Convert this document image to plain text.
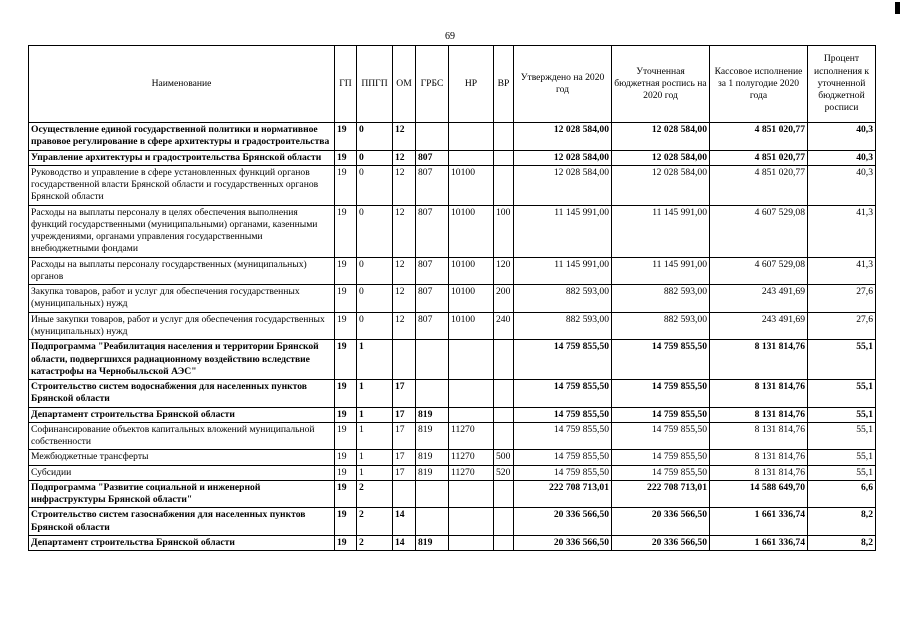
69
Наименование	ГП	ППГП	ОМ	ГРБС	НР	ВР	Утверждено на 2020 год	Уточненная бюджетная роспись на 2020 год	Кассовое исполнение за 1 полугодие 2020 года	Процент исполнения к уточненной бюджетной росписи
Осуществление единой государственной политики и нормативное правовое регулирование в сфере архитектуры и градостроительства	19	0	12				12 028 584,00	12 028 584,00	4 851 020,77	40,3
Управление архитектуры и градостроительства Брянской области	19	0	12	807			12 028 584,00	12 028 584,00	4 851 020,77	40,3
Руководство и управление в сфере установленных функций органов государственной власти Брянской области и государственных органов Брянской области	19	0	12	807	10100		12 028 584,00	12 028 584,00	4 851 020,77	40,3
Расходы на выплаты персоналу в целях обеспечения выполнения функций государственными (муниципальными) органами, казенными учреждениями, органами управления государственными внебюджетными фондами	19	0	12	807	10100	100	11 145 991,00	11 145 991,00	4 607 529,08	41,3
Расходы на выплаты персоналу государственных (муниципальных) органов	19	0	12	807	10100	120	11 145 991,00	11 145 991,00	4 607 529,08	41,3
Закупка товаров, работ и услуг для обеспечения государственных (муниципальных) нужд	19	0	12	807	10100	200	882 593,00	882 593,00	243 491,69	27,6
Иные закупки товаров, работ и услуг для обеспечения государственных (муниципальных) нужд	19	0	12	807	10100	240	882 593,00	882 593,00	243 491,69	27,6
Подпрограмма "Реабилитация населения и территории Брянской области, подвергшихся радиационному воздействию вследствие катастрофы на Чернобыльской АЭС"	19	1					14 759 855,50	14 759 855,50	8 131 814,76	55,1
Строительство систем водоснабжения для населенных пунктов Брянской области	19	1	17				14 759 855,50	14 759 855,50	8 131 814,76	55,1
Департамент строительства Брянской области	19	1	17	819			14 759 855,50	14 759 855,50	8 131 814,76	55,1
Софинансирование объектов капитальных вложений муниципальной собственности	19	1	17	819	11270		14 759 855,50	14 759 855,50	8 131 814,76	55,1
Межбюджетные трансферты	19	1	17	819	11270	500	14 759 855,50	14 759 855,50	8 131 814,76	55,1
Субсидии	19	1	17	819	11270	520	14 759 855,50	14 759 855,50	8 131 814,76	55,1
Подпрограмма "Развитие социальной и инженерной инфраструктуры Брянской области"	19	2					222 708 713,01	222 708 713,01	14 588 649,70	6,6
Строительство систем газоснабжения для населенных пунктов Брянской области	19	2	14				20 336 566,50	20 336 566,50	1 661 336,74	8,2
Департамент строительства Брянской области	19	2	14	819			20 336 566,50	20 336 566,50	1 661 336,74	8,2
